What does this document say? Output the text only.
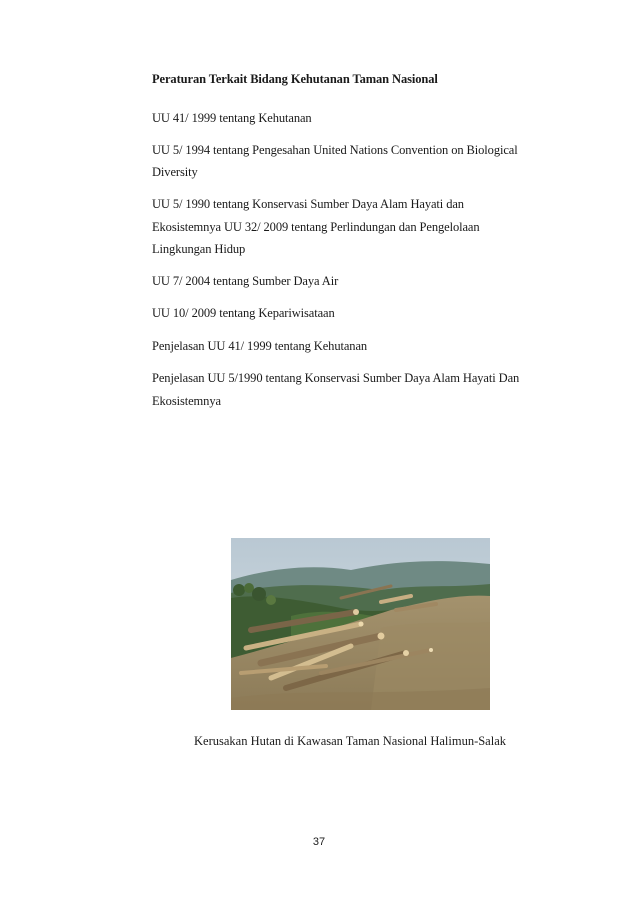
Peraturan Terkait Bidang Kehutanan Taman Nasional
UU 41/ 1999 tentang Kehutanan
UU 5/ 1994 tentang Pengesahan United Nations Convention on Biological
Diversity
UU 5/ 1990 tentang Konservasi Sumber Daya Alam Hayati dan
Ekosistemnya UU 32/ 2009 tentang Perlindungan dan Pengelolaan
Lingkungan Hidup
UU 7/ 2004 tentang Sumber Daya Air
UU 10/ 2009 tentang Kepariwisataan
Penjelasan UU 41/ 1999 tentang Kehutanan
Penjelasan UU 5/1990 tentang Konservasi Sumber Daya Alam Hayati Dan
Ekosistemnya
Kerusakan Hutan di Kawasan Taman Nasional Halimun-Salak
37
